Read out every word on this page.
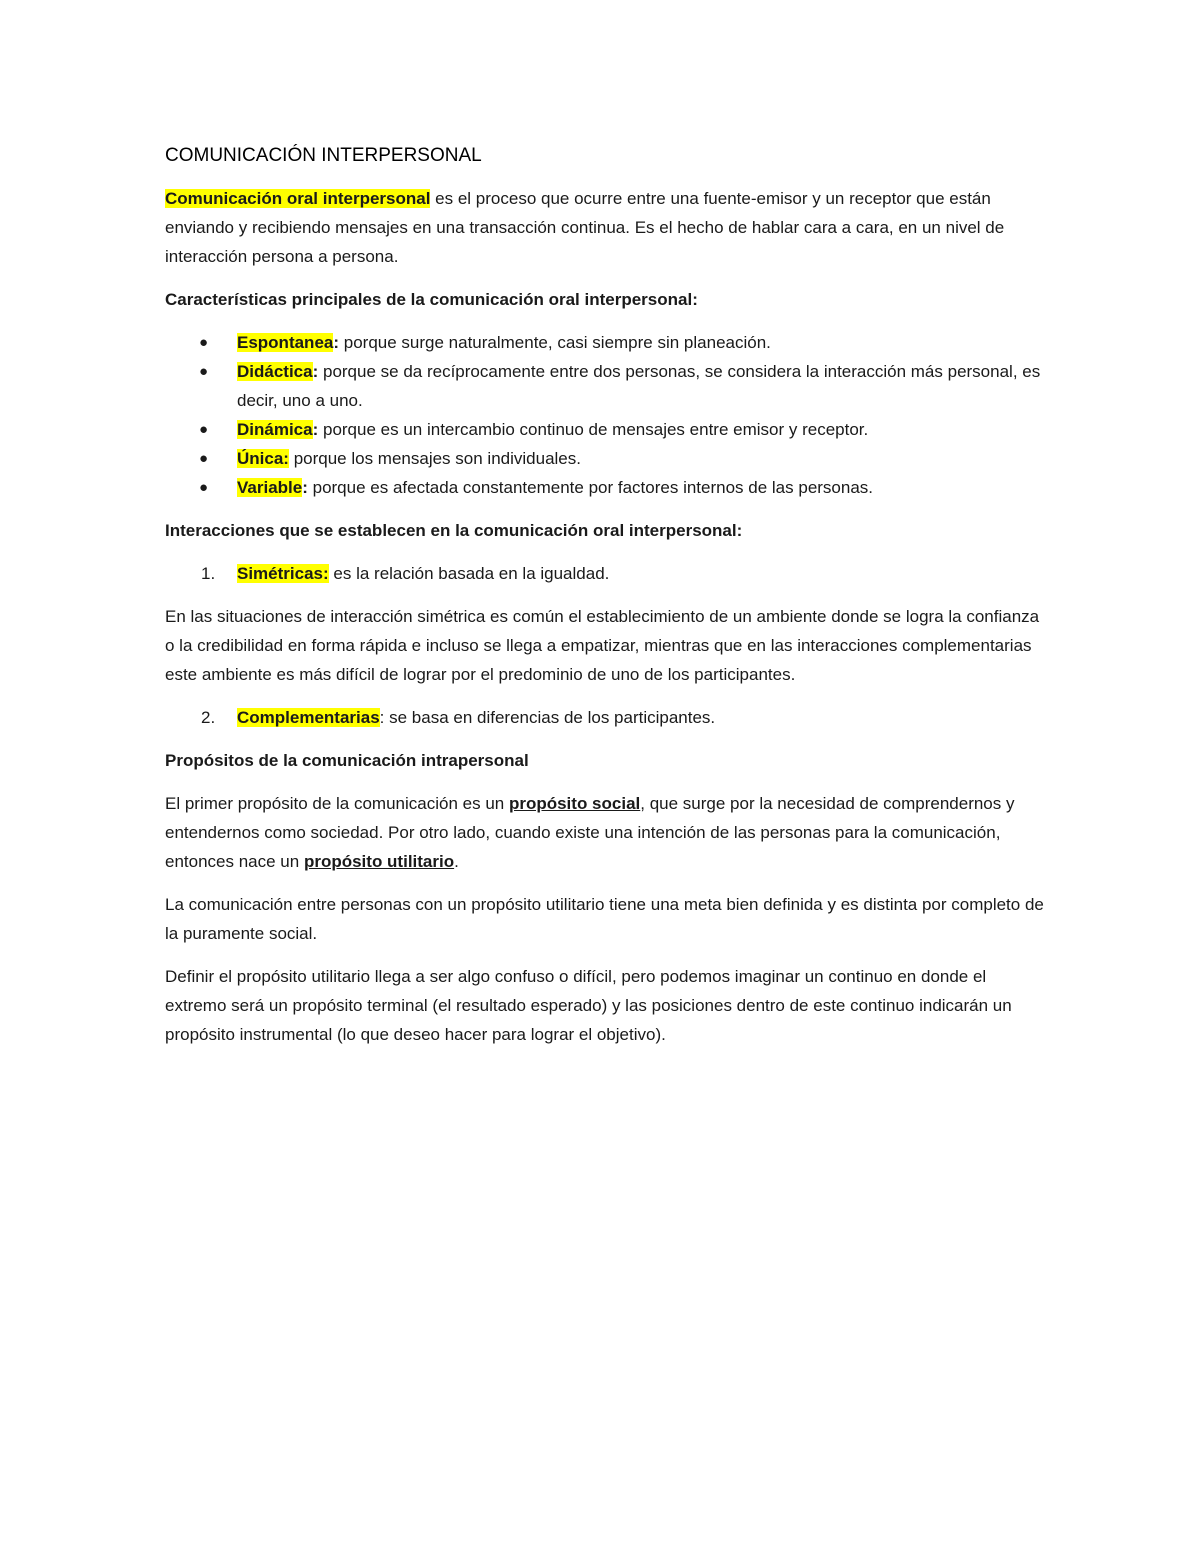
COMUNICACIÓN INTERPERSONAL

Comunicación oral interpersonal es el proceso que ocurre entre una fuente-emisor y un receptor que están enviando y recibiendo mensajes en una transacción continua. Es el hecho de hablar cara a cara, en un nivel de interacción persona a persona.

Características principales de la comunicación oral interpersonal:

● Espontanea: porque surge naturalmente, casi siempre sin planeación.
● Didáctica: porque se da recíprocamente entre dos personas, se considera la interacción más personal, es decir, uno a uno.
● Dinámica: porque es un intercambio continuo de mensajes entre emisor y receptor.
● Única: porque los mensajes son individuales.
● Variable: porque es afectada constantemente por factores internos de las personas.

Interacciones que se establecen en la comunicación oral interpersonal:

1. Simétricas: es la relación basada en la igualdad.

En las situaciones de interacción simétrica es común el establecimiento de un ambiente donde se logra la confianza o la credibilidad en forma rápida e incluso se llega a empatizar, mientras que en las interacciones complementarias este ambiente es más difícil de lograr por el predominio de uno de los participantes.

2. Complementarias: se basa en diferencias de los participantes.

Propósitos de la comunicación intrapersonal

El primer propósito de la comunicación es un propósito social, que surge por la necesidad de comprendernos y entendernos como sociedad. Por otro lado, cuando existe una intención de las personas para la comunicación, entonces nace un propósito utilitario.

La comunicación entre personas con un propósito utilitario tiene una meta bien definida y es distinta por completo de la puramente social.

Definir el propósito utilitario llega a ser algo confuso o difícil, pero podemos imaginar un continuo en donde el extremo será un propósito terminal (el resultado esperado) y las posiciones dentro de este continuo indicarán un propósito instrumental (lo que deseo hacer para lograr el objetivo).
